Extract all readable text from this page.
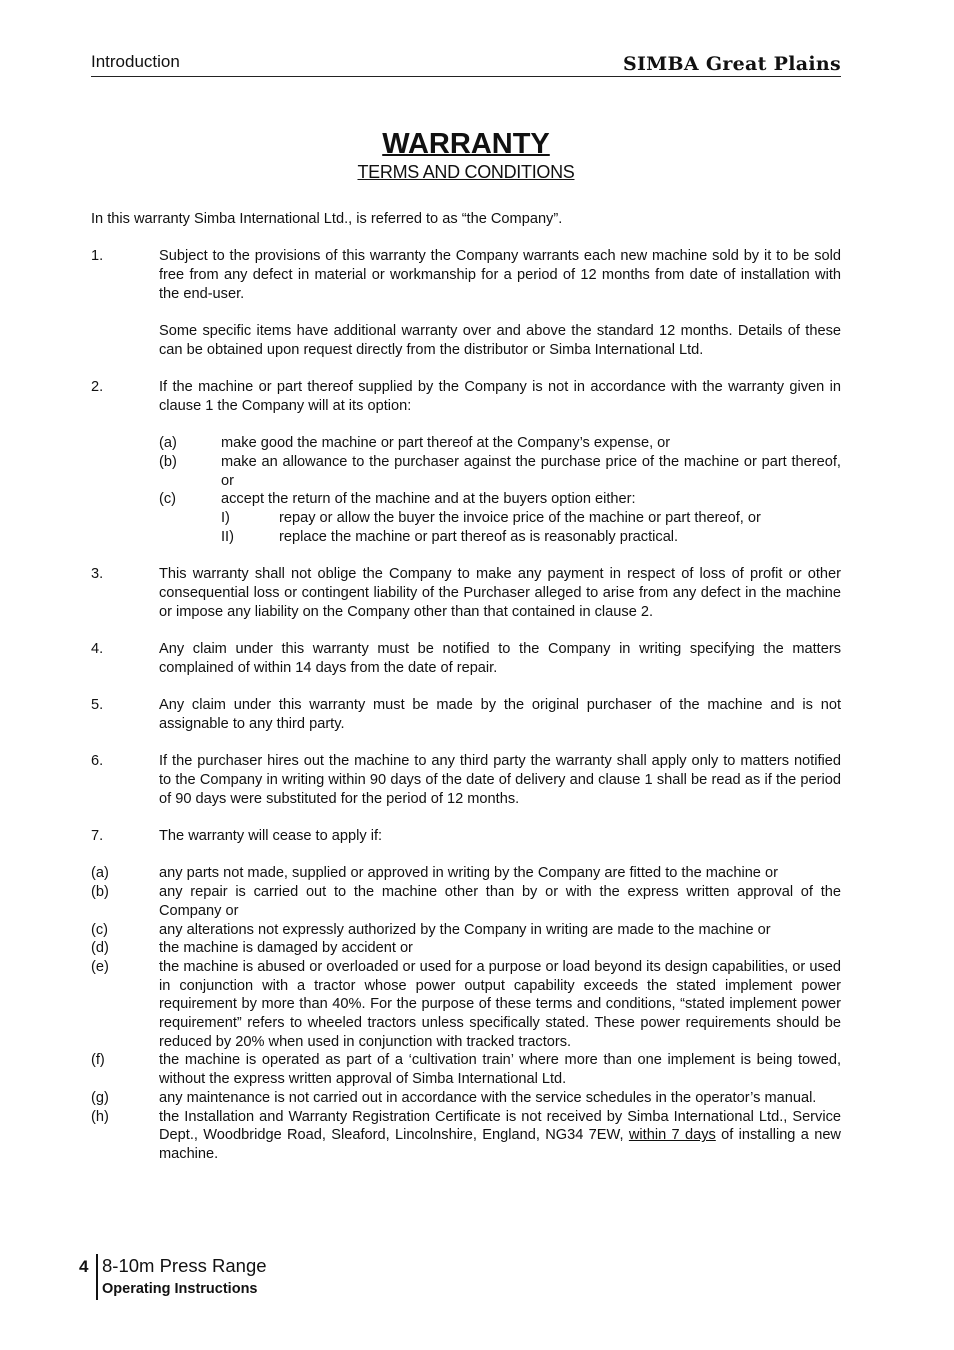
Introduction	SIMBA Great Plains
WARRANTY
TERMS AND CONDITIONS

In this warranty Simba International Ltd., is referred to as “the Company”.

1.	Subject to the provisions of this warranty the Company warrants each new machine sold by it to be sold free from any defect in material or workmanship for a period of 12 months from date of installation with the end-user.

Some specific items have additional warranty over and above the standard 12 months. Details of these can be obtained upon request directly from the distributor or Simba International Ltd.

2.	If the machine or part thereof supplied by the Company is not in accordance with the warranty given in clause 1 the Company will at its option:

(a)	make good the machine or part thereof at the Company’s expense, or
(b)	make an allowance to the purchaser against the purchase price of the machine or part thereof, or
(c)	accept the return of the machine and at the buyers option either:
I)	repay or allow the buyer the invoice price of the machine or part thereof, or
II)	replace the machine or part thereof as is reasonably practical.
3.	This warranty shall not oblige the Company to make any payment in respect of loss of profit or other consequential loss or contingent liability of the Purchaser alleged to arise from any defect in the machine or impose any liability on the Company other than that contained in clause 2.

4.	Any claim under this warranty must be notified to the Company in writing specifying the matters complained of within 14 days from the date of repair.

5.	Any claim under this warranty must be made by the original purchaser of the machine and is not assignable to any third party.

6.	If the purchaser hires out the machine to any third party the warranty shall apply only to matters notified to the Company in writing within 90 days of the date of delivery and clause 1 shall be read as if the period of 90 days were substituted for the period of 12 months.

7.	The warranty will cease to apply if:

(a)	any parts not made, supplied or approved in writing by the Company are fitted to the machine or
(b)	any repair is carried out to the machine other than by or with the express written approval of the Company or
(c)	any alterations not expressly authorized by the Company in writing are made to the machine or
(d)	the machine is damaged by accident or
(e)	the machine is abused or overloaded or used for a purpose or load beyond its design capabilities, or used in conjunction with a tractor whose power output capability exceeds the stated implement power requirement by more than 40%. For the purpose of these terms and conditions, “stated implement power requirement” refers to wheeled tractors unless specifically stated. These power requirements should be reduced by 20% when used in conjunction with tracked tractors.
(f)	the machine is operated as part of a ‘cultivation train’ where more than one implement is being towed, without the express written approval of Simba International Ltd.
(g)	any maintenance is not carried out in accordance with the service schedules in the operator’s manual.
(h)	the Installation and Warranty Registration Certificate is not received by Simba International Ltd., Service Dept., Woodbridge Road, Sleaford, Lincolnshire, England, NG34 7EW, within 7 days of installing a new machine.
4 8-10m Press Range
Operating Instructions
